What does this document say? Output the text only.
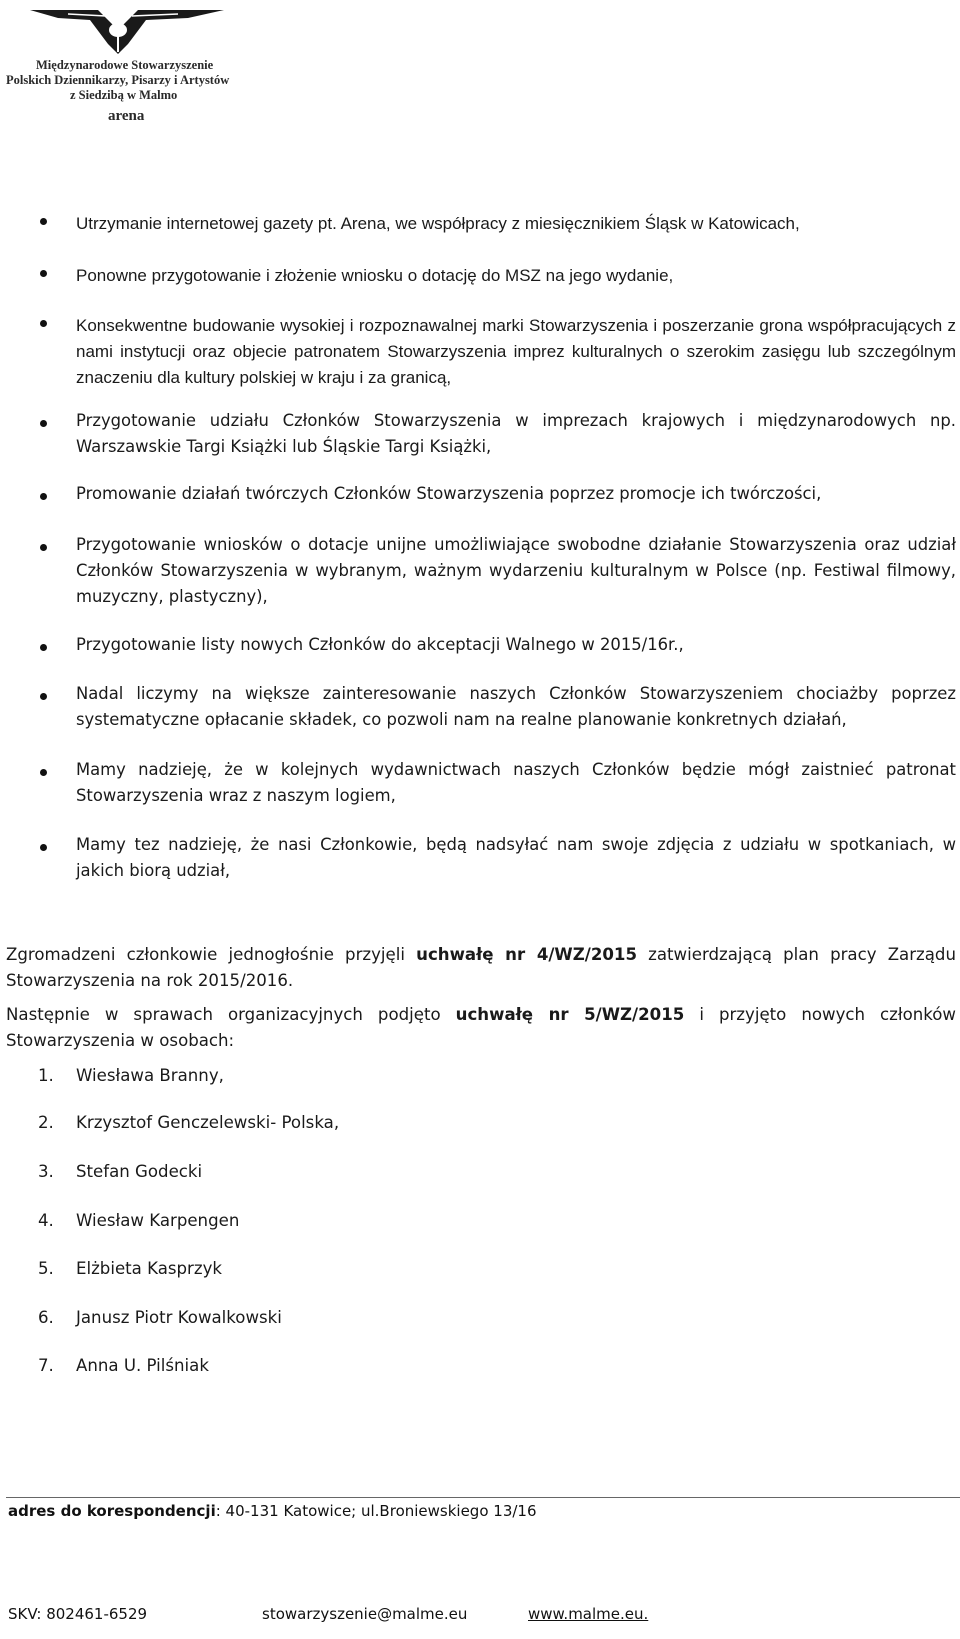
Międzynarodowe Stowarzyszenie
Polskich Dziennikarzy, Pisarzy i Artystów
z Siedzibą w Malmo
arena
Utrzymanie internetowej gazety pt. Arena, we współpracy z miesięcznikiem Śląsk w Katowicach,
Ponowne przygotowanie i złożenie wniosku o dotację do MSZ na jego wydanie,
Konsekwentne budowanie wysokiej i rozpoznawalnej marki Stowarzyszenia i poszerzanie grona współpracujących z nami instytucji oraz objecie patronatem Stowarzyszenia imprez kulturalnych o szerokim zasięgu lub szczególnym znaczeniu dla kultury polskiej w kraju i za granicą,
Przygotowanie udziału Członków Stowarzyszenia w imprezach krajowych i międzynarodowych np. Warszawskie Targi Książki lub Śląskie Targi Książki,
Promowanie działań twórczych Członków Stowarzyszenia poprzez promocje ich twórczości,
Przygotowanie wniosków o dotacje unijne umożliwiające swobodne działanie Stowarzyszenia oraz udział Członków Stowarzyszenia w wybranym, ważnym wydarzeniu kulturalnym w Polsce (np. Festiwal filmowy, muzyczny, plastyczny),
Przygotowanie listy nowych Członków do akceptacji Walnego w 2015/16r.,
Nadal liczymy na większe zainteresowanie naszych Członków Stowarzyszeniem chociażby poprzez systematyczne opłacanie składek, co pozwoli nam na realne planowanie konkretnych działań,
Mamy nadzieję, że w kolejnych wydawnictwach naszych Członków będzie mógł zaistnieć patronat Stowarzyszenia wraz z naszym logiem,
Mamy tez nadzieję, że nasi Członkowie, będą nadsyłać nam swoje zdjęcia z udziału w spotkaniach, w jakich biorą udział,
Zgromadzeni członkowie jednogłośnie przyjęli uchwałę nr 4/WZ/2015 zatwierdzającą plan pracy Zarządu Stowarzyszenia na rok 2015/2016.
Następnie w sprawach organizacyjnych podjęto uchwałę nr 5/WZ/2015 i przyjęto nowych członków Stowarzyszenia w osobach:
1. Wiesława Branny,
2. Krzysztof Genczelewski- Polska,
3. Stefan Godecki
4. Wiesław Karpengen
5. Elżbieta Kasprzyk
6. Janusz Piotr Kowalkowski
7. Anna U. Pilśniak
adres do korespondencji: 40-131 Katowice; ul.Broniewskiego 13/16
SKV: 802461-6529	stowarzyszenie@malme.eu	www.malme.eu.
